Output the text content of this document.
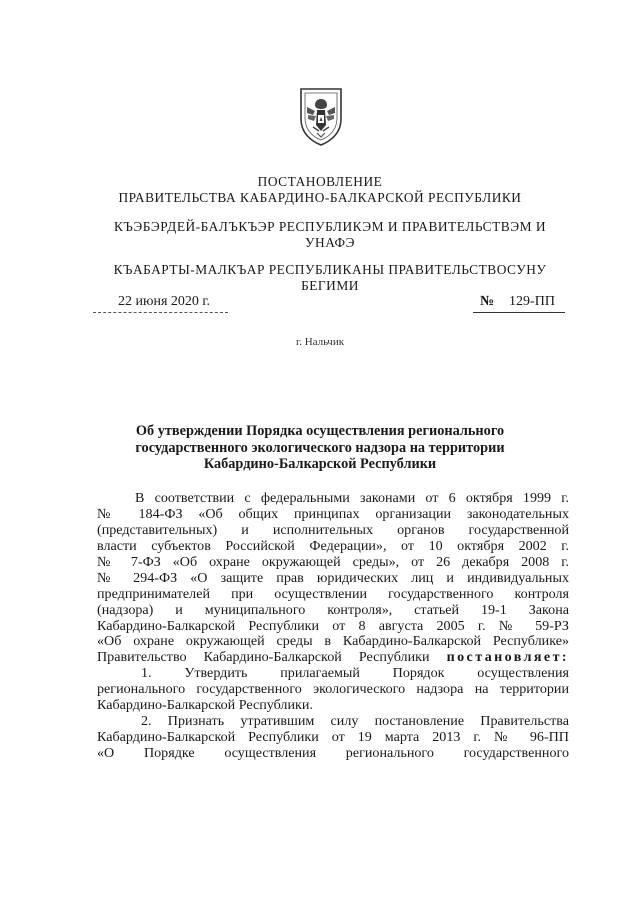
ПОСТАНОВЛЕНИЕ
ПРАВИТЕЛЬСТВА КАБАРДИНО-БАЛКАРСКОЙ РЕСПУБЛИКИ
КЪЭБЭРДЕЙ-БАЛЪКЪЭР РЕСПУБЛИКЭМ И ПРАВИТЕЛЬСТВЭМ И УНАФЭ
КЪАБАРТЫ-МАЛКЪАР РЕСПУБЛИКАНЫ ПРАВИТЕЛЬСТВОСУНУ БЕГИМИ
22 июня 2020 г.	№	129-ПП
г. Нальчик
Об утверждении Порядка осуществления регионального
государственного экологического надзора на территории
Кабардино-Балкарской Республики
В соответствии с федеральными законами от 6 октября 1999 г.
№ 184-ФЗ «Об общих принципах организации законодательных
(представительных) и исполнительных органов государственной
власти субъектов Российской Федерации», от 10 октября 2002 г.
№ 7-ФЗ «Об охране окружающей среды», от 26 декабря 2008 г.
№ 294-ФЗ «О защите прав юридических лиц и индивидуальных
предпринимателей при осуществлении государственного контроля
(надзора) и муниципального контроля», статьей 19-1 Закона
Кабардино-Балкарской Республики от 8 августа 2005 г. № 59-РЗ
«Об охране окружающей среды в Кабардино-Балкарской Республике»
Правительство Кабардино-Балкарской Республики постановляет:
1. Утвердить прилагаемый Порядок осуществления
регионального государственного экологического надзора на территории
Кабардино-Балкарской Республики.
2. Признать утратившим силу постановление Правительства
Кабардино-Балкарской Республики от 19 марта 2013 г. № 96-ПП
«О Порядке осуществления регионального государственного
